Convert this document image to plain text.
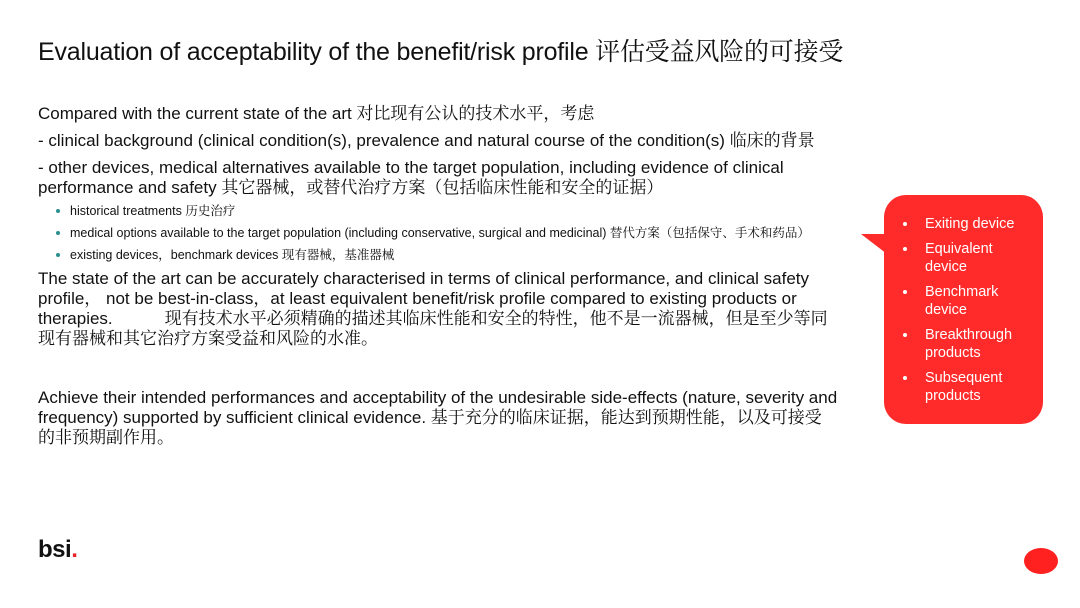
Evaluation of acceptability of the benefit/risk profile 评估受益风险的可接受

Compared with the current state of the art 对比现有公认的技术水平，考虑

- clinical background (clinical condition(s), prevalence and natural course of the condition(s) 临床的背景

- other devices, medical alternatives available to the target population, including evidence of clinical performance and safety 其它器械，或替代治疗方案（包括临床性能和安全的证据）

historical treatments 历史治疗
medical options available to the target population (including conservative, surgical and medicinal) 替代方案（包括保守、手术和药品）
existing devices，benchmark devices 现有器械，基准器械

The state of the art can be accurately characterised in terms of clinical performance, and clinical safety profile， not be best-in-class，at least equivalent benefit/risk profile compared to existing products or therapies.	现有技术水平必须精确的描述其临床性能和安全的特性，他不是一流器械，但是至少等同现有器械和其它治疗方案受益和风险的水准。

Achieve their intended performances and acceptability of the undesirable side-effects (nature, severity and frequency) supported by sufficient clinical evidence. 基于充分的临床证据，能达到预期性能，以及可接受的非预期副作用。

Exiting device
Equivalent device
Benchmark device
Breakthrough products
Subsequent products
bsi.
